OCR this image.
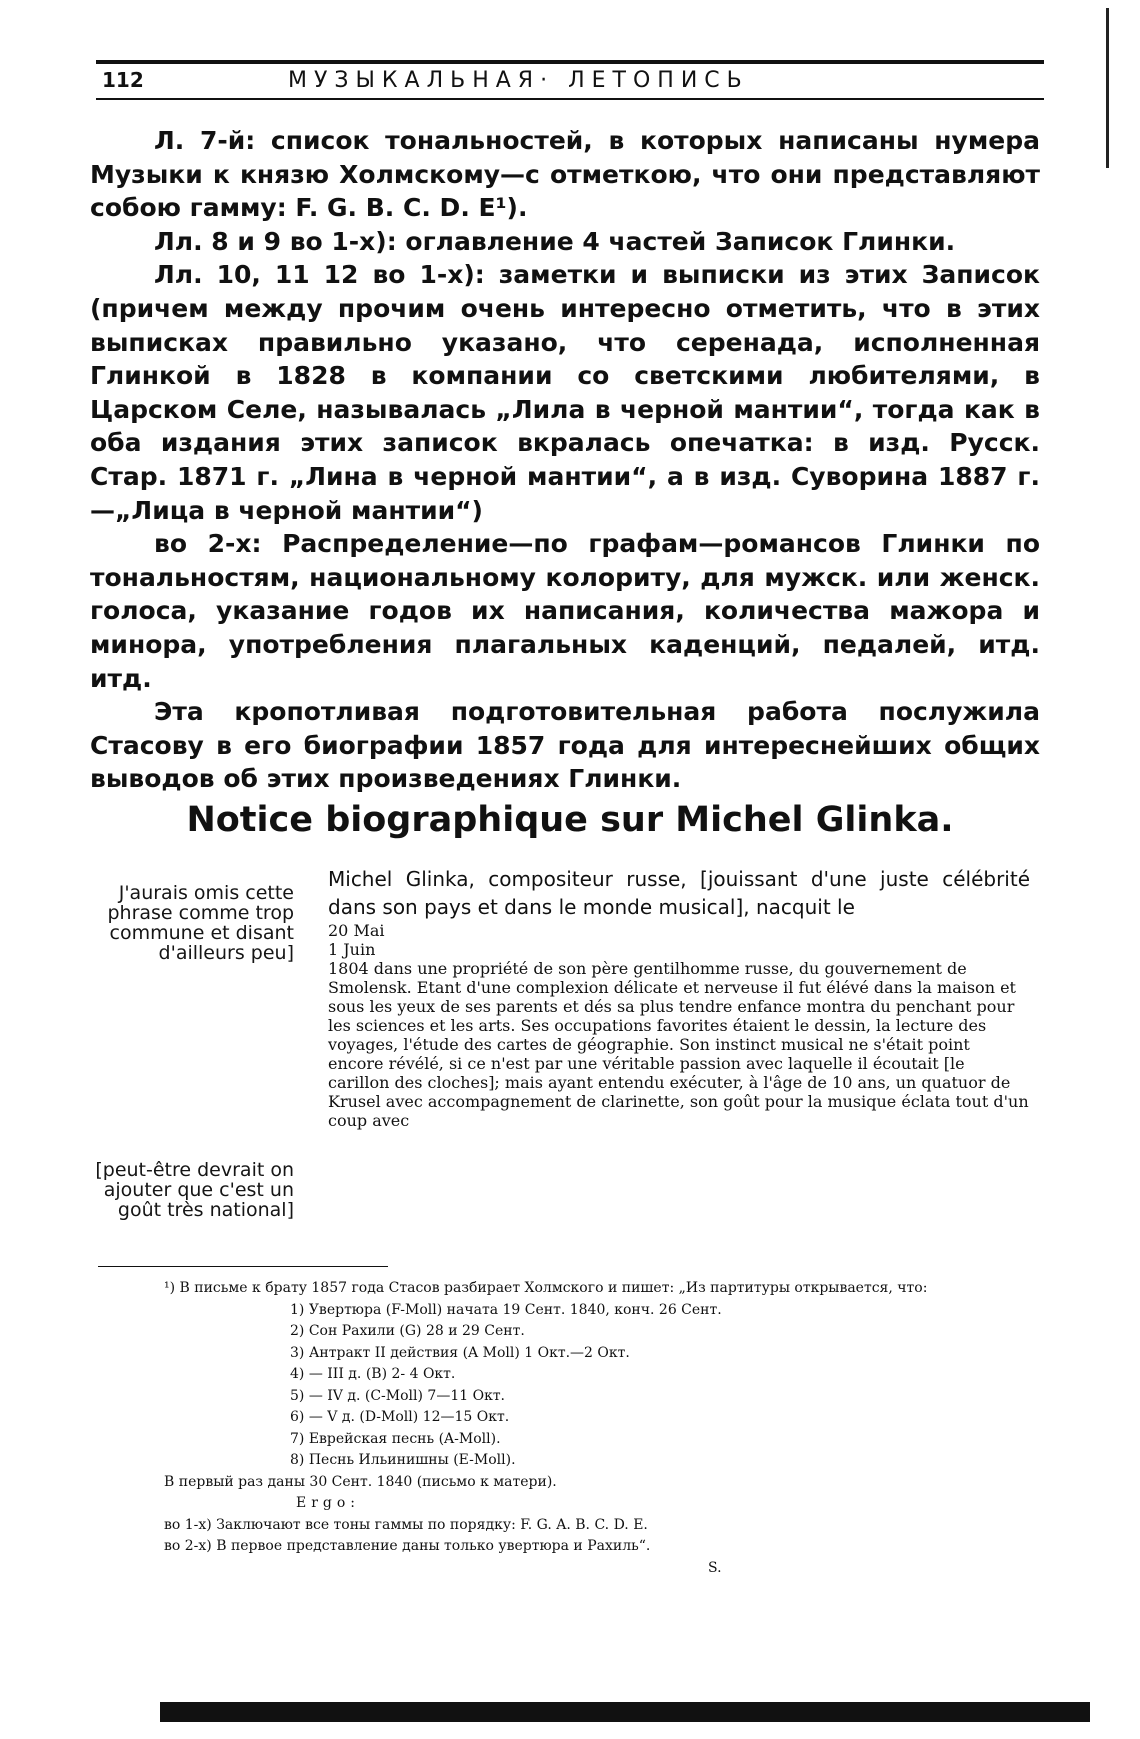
112	МУЗЫКАЛЬНАЯ· ЛЕТОПИСЬ

Л. 7-й: список тональностей, в которых написаны нумера Музыки к князю Холмскому—с отметкою, что они представляют собою гамму: F. G. B. C. D. E¹).

Лл. 8 и 9 во 1-х): оглавление 4 частей Записок Глинки.

Лл. 10, 11 12 во 1-х): заметки и выписки из этих Записок (причем между прочим очень интересно отметить, что в этих выписках правильно указано, что серенада, исполненная Глинкой в 1828 в компании со светскими любителями, в Царском Селе, называлась „Лила в черной мантии“, тогда как в оба издания этих записок вкралась опечатка: в изд. Русск. Стар. 1871 г. „Лина в черной мантии“, а в изд. Суворина 1887 г.—„Лица в черной мантии“)

во 2-х: Распределение—по графам—романсов Глинки по тональностям, национальному колориту, для мужск. или женск. голоса, указание годов их написания, количества мажора и минора, употребления плагальных каденций, педалей, итд. итд.

Эта кропотливая подготовительная работа послужила Стасову в его биографии 1857 года для интереснейших общих выводов об этих произведениях Глинки.

Notice biographique sur Michel Glinka.
J'aurais omis cette phrase comme trop commune et disant d'ailleurs peu]
[peut-être devrait on ajouter que c'est un goût très national]

Michel Glinka, compositeur russe, [jouissant d'une juste célébrité dans son pays et dans le monde musical], nacquit le

20 Mai
1 Juin
1804 dans une propriété de son père gentilhomme russe, du gouvernement de Smolensk. Etant d'une complexion délicate et nerveuse il fut élévé dans la maison et sous les yeux de ses parents et dés sa plus tendre enfance montra du penchant pour les sciences et les arts. Ses occupations favorites étaient le dessin, la lecture des voyages, l'étude des cartes de géographie. Son instinct musical ne s'était point encore révélé, si ce n'est par une véritable passion avec laquelle il écoutait [le carillon des cloches]; mais ayant entendu exécuter, à l'âge de 10 ans, un quatuor de Krusel avec accompagnement de clarinette, son goût pour la musique éclata tout d'un coup avec

¹) В письме к брату 1857 года Стасов разбирает Холмского и пишет: „Из партитуры открывается, что:
1) Увертюра (F-Moll) начата 19 Сент. 1840, конч. 26 Сент.
2) Сон Рахили (G) 28 и 29 Сент.
3) Антракт II действия (A Moll) 1 Окт.—2 Окт.
4) — III д. (B) 2- 4 Окт.
5) — IV д. (C-Moll) 7—11 Окт.
6) — V д. (D-Moll) 12—15 Окт.
7) Еврейская песнь (A-Moll).
8) Песнь Ильинишны (E-Moll).
В первый раз даны 30 Сент. 1840 (письмо к матери).
Ergo:
во 1-х) Заключают все тоны гаммы по порядку: F. G. A. B. C. D. E.
во 2-х) В первое представление даны только увертюра и Рахиль“.
S.
